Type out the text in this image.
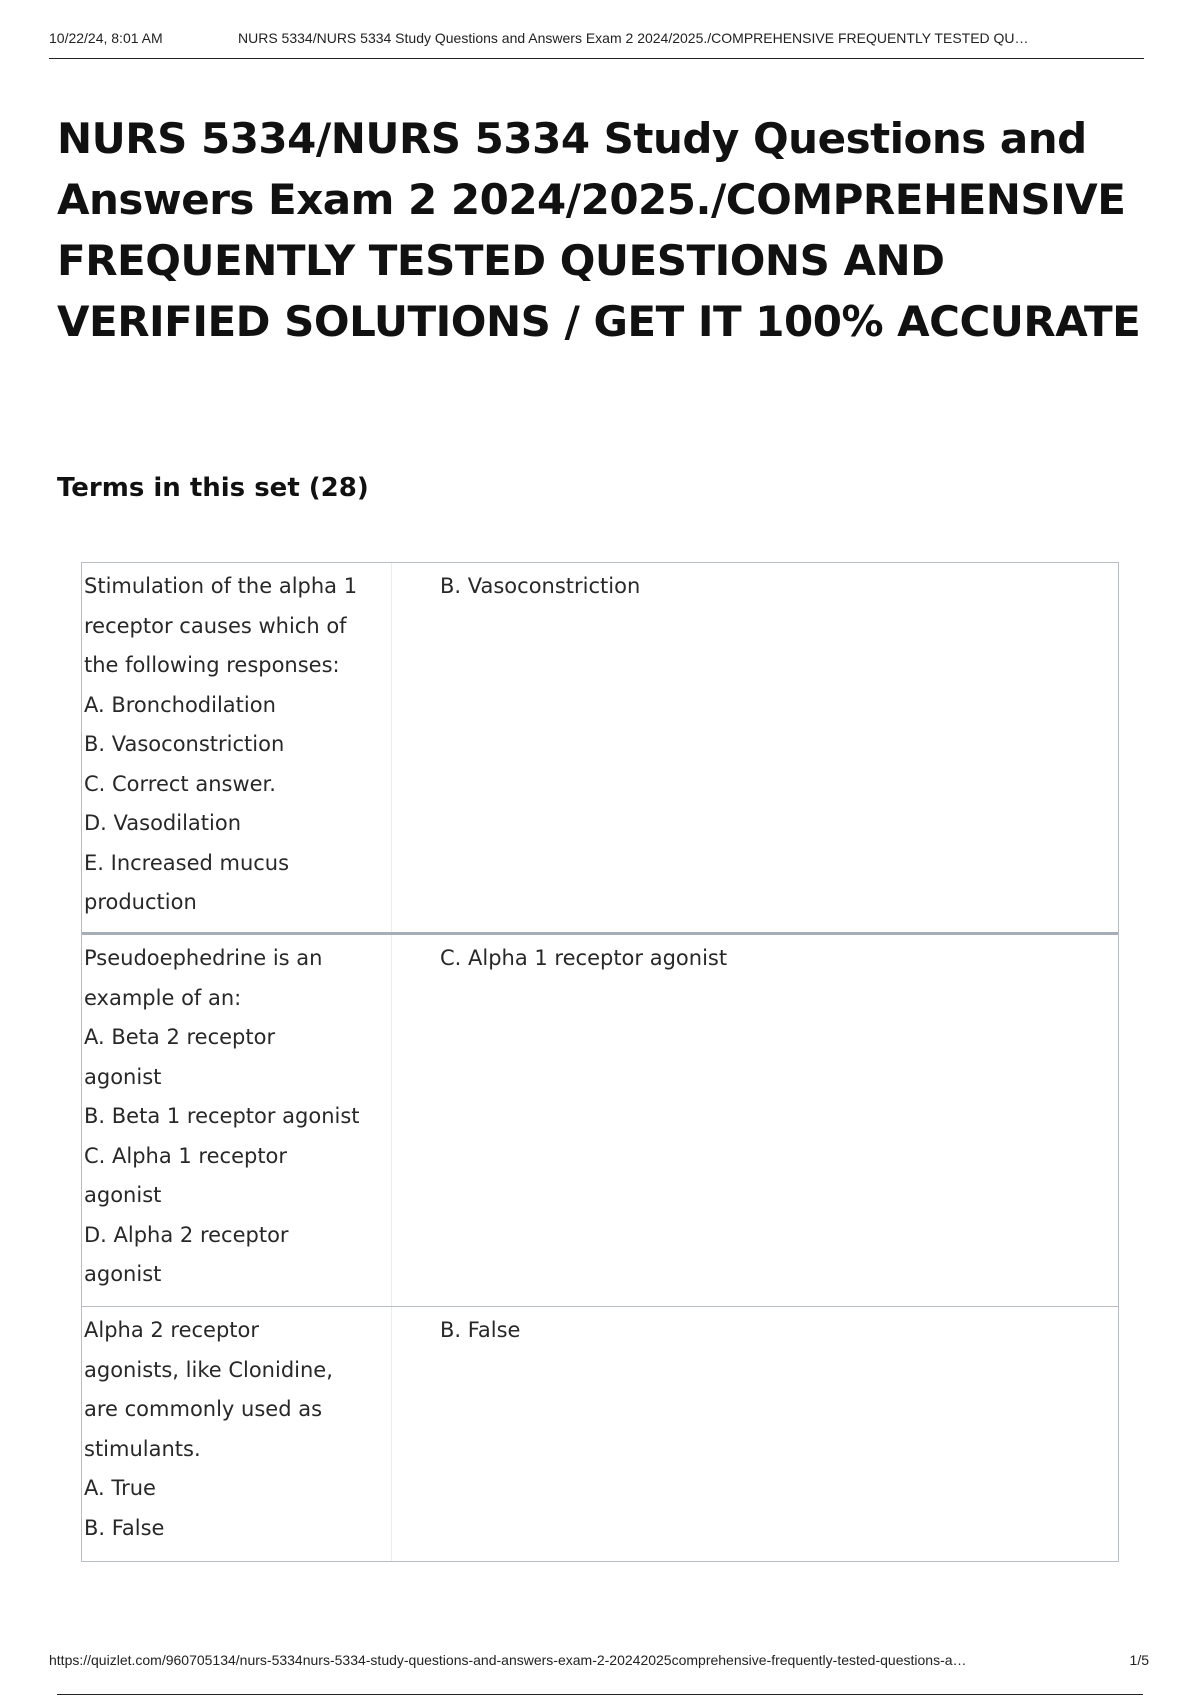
10/22/24, 8:01 AM	NURS 5334/NURS 5334 Study Questions and Answers Exam 2 2024/2025./COMPREHENSIVE FREQUENTLY TESTED QU…
NURS 5334/NURS 5334 Study Questions and
Answers Exam 2 2024/2025./COMPREHENSIVE
FREQUENTLY TESTED QUESTIONS AND
VERIFIED SOLUTIONS / GET IT 100% ACCURATE
Terms in this set (28)
Stimulation of the alpha 1
receptor causes which of
the following responses:
A. Bronchodilation
B. Vasoconstriction
C. Correct answer.
D. Vasodilation
E. Increased mucus
production
B. Vasoconstriction
Pseudoephedrine is an
example of an:
A. Beta 2 receptor
agonist
B. Beta 1 receptor agonist
C. Alpha 1 receptor
agonist
D. Alpha 2 receptor
agonist
C. Alpha 1 receptor agonist
Alpha 2 receptor
agonists, like Clonidine,
are commonly used as
stimulants.
A. True
B. False
B. False
https://quizlet.com/960705134/nurs-5334nurs-5334-study-questions-and-answers-exam-2-20242025comprehensive-frequently-tested-questions-a…	1/5
